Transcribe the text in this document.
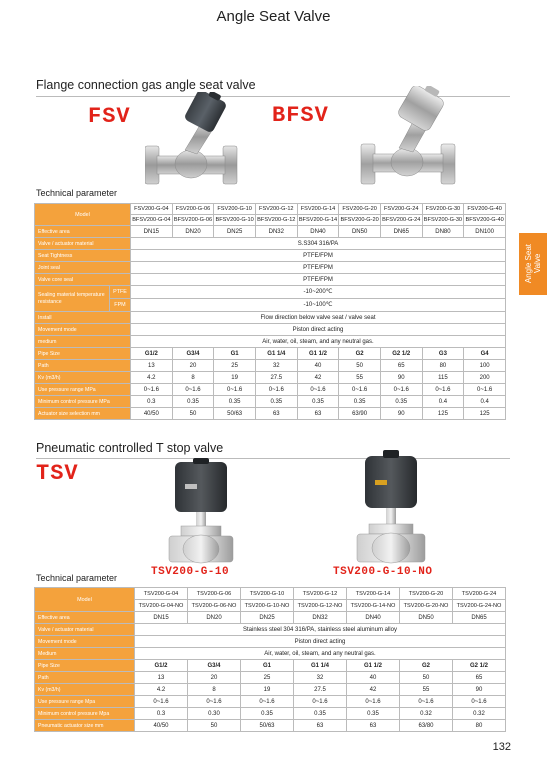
Angle Seat Valve
Angle Seat
Valve
Flange connection gas angle seat valve
FSV	BFSV
Technical parameter
Model		FSV200-G-04	FSV200-G-06	FSV200-G-10	FSV200-G-12	FSV200-G-14	FSV200-G-20	FSV200-G-24	FSV200-G-30	FSV200-G-40
		BFSV200-G-04	BFSV200-G-06	BFSV200-G-10	BFSV200-G-12	BFSV200-G-14	BFSV200-G-20	BFSV200-G-24	BFSV200-G-30	BFSV200-G-40
Effective area		DN15	DN20	DN25	DN32	DN40	DN50	DN65	DN80	DN100
Valve / actuator material		S.S304 316/PA								
Seat Tightness		PTFE/FPM								
Joint seal		PTFE/FPM								
Valve core seal		PTFE/FPM								
Sealing material temperature resistance	PTFE	-10~200℃								
	FPM	-10~100℃								
Install		Flow direction below valve seat / valve seat								
Movement mode		Piston direct acting								
medium		Air, water, oil, steam, and any neutral gas.								
Pipe Size		G1/2	G3/4	G1	G1 1/4	G1 1/2	G2	G2 1/2	G3	G4
Path		13	20	25	32	40	50	65	80	100
Kv (m3/h)		4.2	8	19	27.5	42	55	90	115	200
Use pressure range MPa		0~1.6	0~1.6	0~1.6	0~1.6	0~1.6	0~1.6	0~1.6	0~1.6	0~1.6
Minimum control pressure MPa		0.3	0.35	0.35	0.35	0.35	0.35	0.35	0.4	0.4
Actuator size selection mm		40/50	50	50/63	63	63	63/90	90	125	125
Pneumatic controlled T stop valve
TSV
TSV200-G-10	TSV200-G-10-NO
Technical parameter
Model	TSV200-G-04	TSV200-G-06	TSV200-G-10	TSV200-G-12	TSV200-G-14	TSV200-G-20	TSV200-G-24
	TSV200-G-04-NO	TSV200-G-06-NO	TSV200-G-10-NO	TSV200-G-12-NO	TSV200-G-14-NO	TSV200-G-20-NO	TSV200-G-24-NO
Effective area	DN15	DN20	DN25	DN32	DN40	DN50	DN65
Valve / actuator material	Stainless steel 304 316/PA, stainless steel aluminum alloy						
Movement mode	Piston direct acting						
Medium	Air, water, oil, steam, and any neutral gas.						
Pipe Size	G1/2	G3/4	G1	G1 1/4	G1 1/2	G2	G2 1/2
Path	13	20	25	32	40	50	65
Kv (m3/h)	4.2	8	19	27.5	42	55	90
Use pressure range Mpa	0~1.6	0~1.6	0~1.6	0~1.6	0~1.6	0~1.6	0~1.6
Minimum control pressure Mpa	0.3	0.30	0.35	0.35	0.35	0.32	0.32
Pneumatic actuator size mm	40/50	50	50/63	63	63	63/80	80
132
